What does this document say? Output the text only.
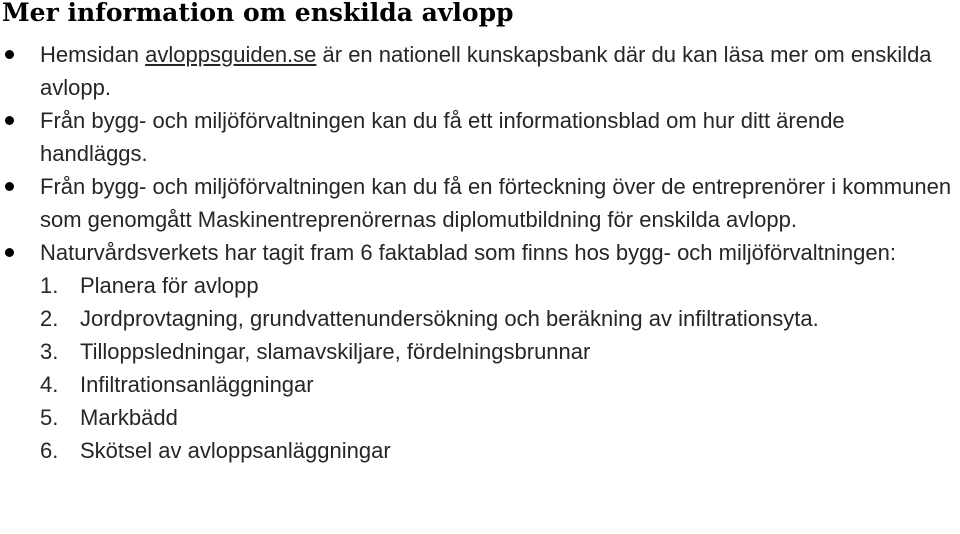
Mer information om enskilda avlopp
Hemsidan avloppsguiden.se är en nationell kunskapsbank där du kan läsa mer om enskilda avlopp.
Från bygg- och miljöförvaltningen kan du få ett informationsblad om hur ditt ärende handläggs.
Från bygg- och miljöförvaltningen kan du få en förteckning över de entreprenörer i kommunen som genomgått Maskinentreprenörernas diplomutbildning för enskilda avlopp.
Naturvårdsverkets har tagit fram 6 faktablad som finns hos bygg- och miljöförvaltningen:
1. Planera för avlopp
2. Jordprovtagning, grundvattenundersökning och beräkning av infiltrationsyta.
3. Tilloppsledningar, slamavskiljare, fördelningsbrunnar
4. Infiltrationsanläggningar
5. Markbädd
6. Skötsel av avloppsanläggningar
